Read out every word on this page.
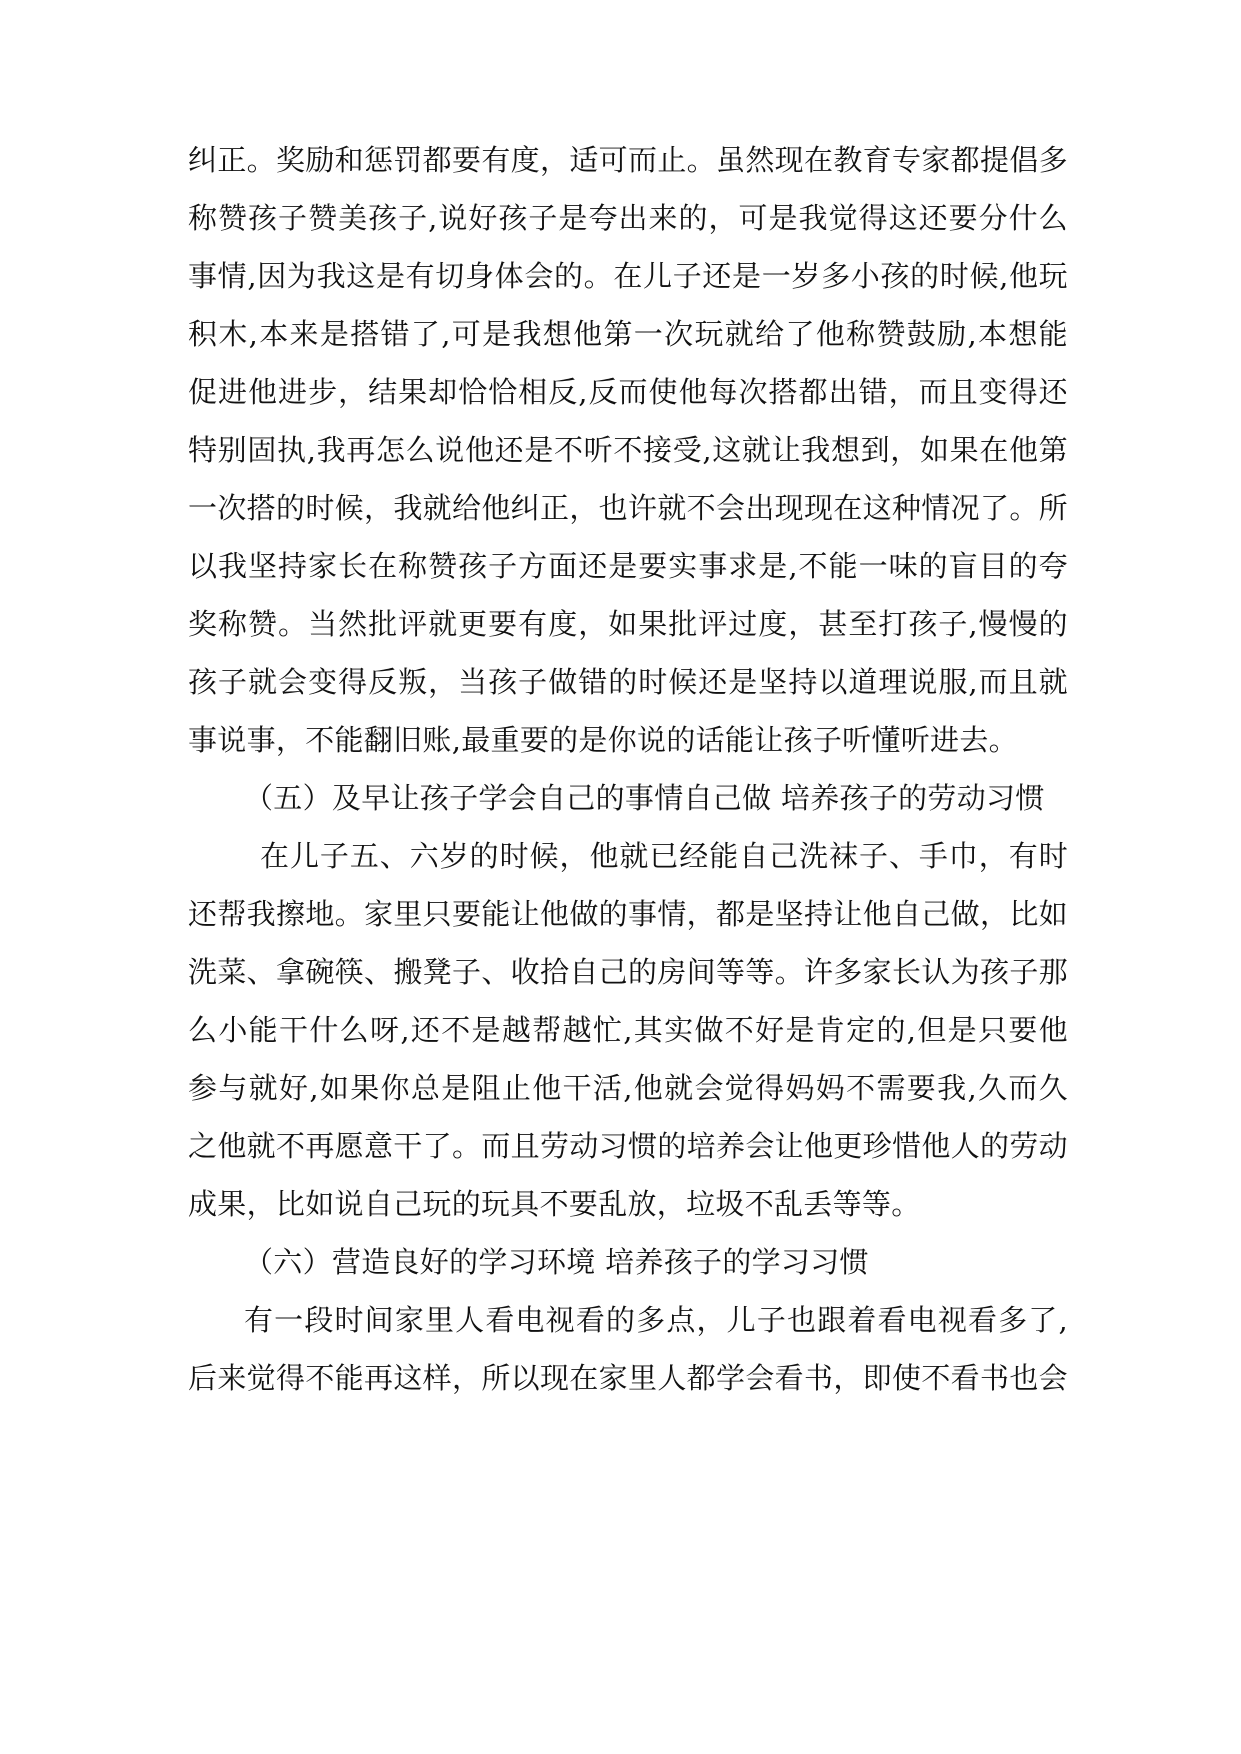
纠正。奖励和惩罚都要有度，适可而止。虽然现在教育专家都提倡多
称赞孩子赞美孩子,说好孩子是夸出来的，可是我觉得这还要分什么
事情,因为我这是有切身体会的。在儿子还是一岁多小孩的时候,他玩
积木,本来是搭错了,可是我想他第一次玩就给了他称赞鼓励,本想能
促进他进步，结果却恰恰相反,反而使他每次搭都出错，而且变得还
特别固执,我再怎么说他还是不听不接受,这就让我想到，如果在他第
一次搭的时候，我就给他纠正，也许就不会出现现在这种情况了。所
以我坚持家长在称赞孩子方面还是要实事求是,不能一味的盲目的夸
奖称赞。当然批评就更要有度，如果批评过度，甚至打孩子,慢慢的
孩子就会变得反叛，当孩子做错的时候还是坚持以道理说服,而且就
事说事，不能翻旧账,最重要的是你说的话能让孩子听懂听进去。
（五）及早让孩子学会自己的事情自己做 培养孩子的劳动习惯
在儿子五、六岁的时候，他就已经能自己洗袜子、手巾，有时
还帮我擦地。家里只要能让他做的事情，都是坚持让他自己做，比如
洗菜、拿碗筷、搬凳子、收拾自己的房间等等。许多家长认为孩子那
么小能干什么呀,还不是越帮越忙,其实做不好是肯定的,但是只要他
参与就好,如果你总是阻止他干活,他就会觉得妈妈不需要我,久而久
之他就不再愿意干了。而且劳动习惯的培养会让他更珍惜他人的劳动
成果，比如说自己玩的玩具不要乱放，垃圾不乱丢等等。
（六）营造良好的学习环境 培养孩子的学习习惯
有一段时间家里人看电视看的多点，儿子也跟着看电视看多了,
后来觉得不能再这样，所以现在家里人都学会看书，即使不看书也会
